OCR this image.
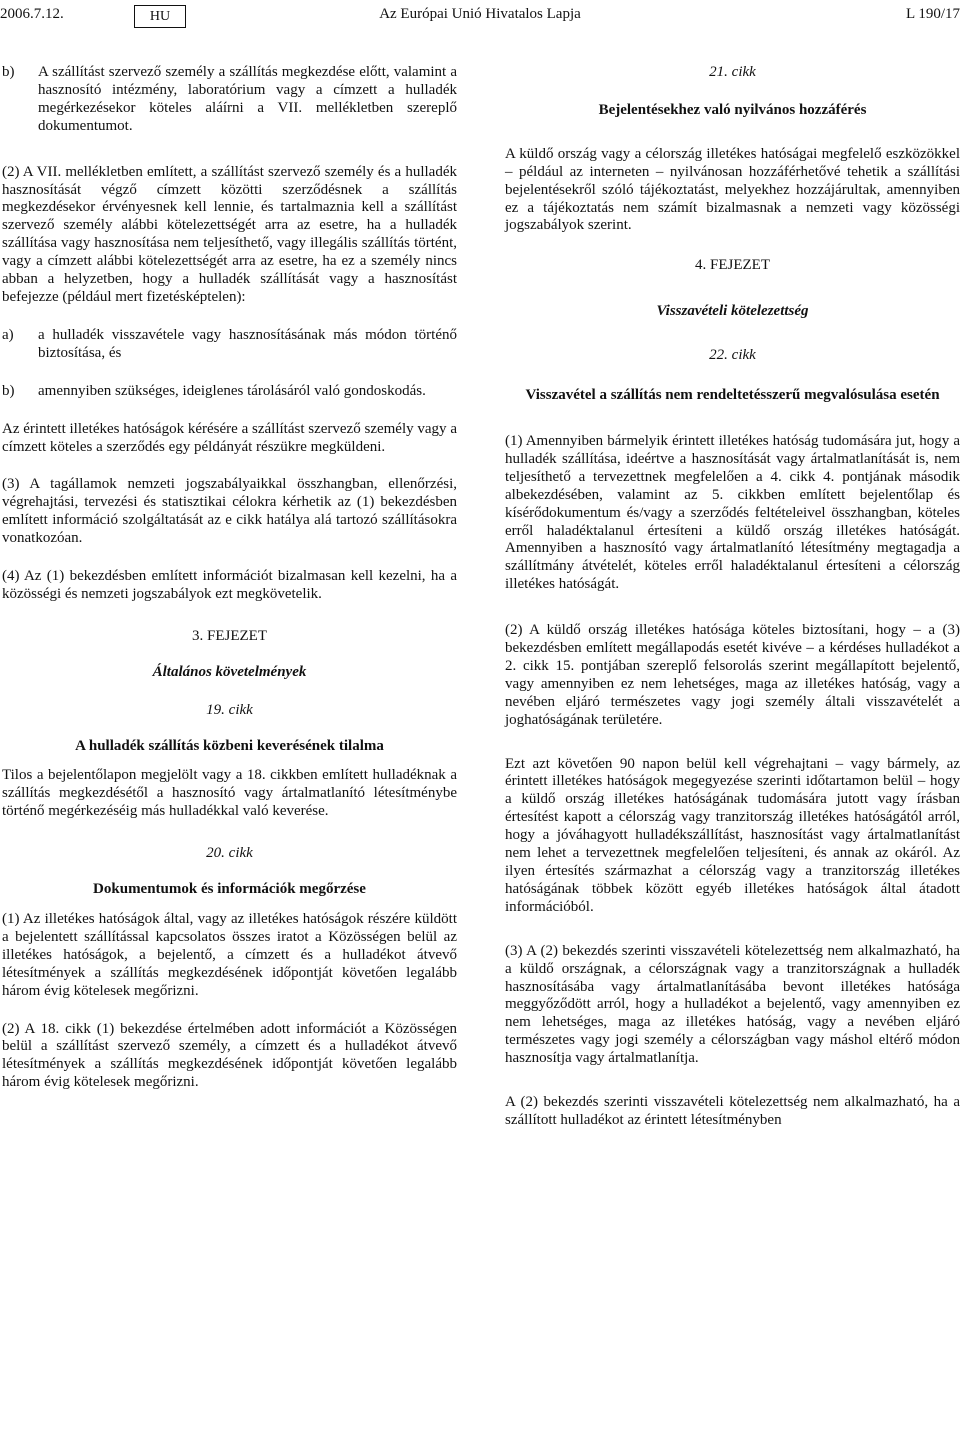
2006.7.12.	HU	Az Európai Unió Hivatalos Lapja	L 190/17
b)	A szállítást szervező személy a szállítás megkezdése előtt, valamint a hasznosító intézmény, laboratórium vagy a címzett a hulladék megérkezésekor köteles aláírni a VII. mellékletben szereplő dokumentumot.

(2) A VII. mellékletben említett, a szállítást szervező személy és a hulladék hasznosítását végző címzett közötti szerződésnek a szállítás megkezdésekor érvényesnek kell lennie, és tartalmaznia kell a szállítást szervező személy alábbi kötelezettségét arra az esetre, ha a hulladék szállítása vagy hasznosítása nem teljesíthető, vagy illegális szállítás történt, vagy a címzett alábbi kötelezettségét arra az esetre, ha ez a személy nincs abban a helyzetben, hogy a hulladék szállítását vagy a hasznosítást befejezze (például mert fizetésképtelen):

a)	a hulladék visszavétele vagy hasznosításának más módon történő biztosítása, és
b)	amennyiben szükséges, ideiglenes tárolásáról való gondoskodás.

Az érintett illetékes hatóságok kérésére a szállítást szervező személy vagy a címzett köteles a szerződés egy példányát részükre megküldeni.

(3) A tagállamok nemzeti jogszabályaikkal összhangban, ellenőrzési, végrehajtási, tervezési és statisztikai célokra kérhetik az (1) bekezdésben említett információ szolgáltatását az e cikk hatálya alá tartozó szállításokra vonatkozóan.

(4) Az (1) bekezdésben említett információt bizalmasan kell kezelni, ha a közösségi és nemzeti jogszabályok ezt megkövetelik.

3. FEJEZET
Általános követelmények
19. cikk
A hulladék szállítás közbeni keverésének tilalma

Tilos a bejelentőlapon megjelölt vagy a 18. cikkben említett hulladéknak a szállítás megkezdésétől a hasznosító vagy ártalmatlanító létesítménybe történő megérkezéséig más hulladékkal való keverése.

20. cikk
Dokumentumok és információk megőrzése

(1) Az illetékes hatóságok által, vagy az illetékes hatóságok részére küldött a bejelentett szállítással kapcsolatos összes iratot a Közösségen belül az illetékes hatóságok, a bejelentő, a címzett és a hulladékot átvevő létesítmények a szállítás megkezdésének időpontját követően legalább három évig kötelesek megőrizni.

(2) A 18. cikk (1) bekezdése értelmében adott információt a Közösségen belül a szállítást szervező személy, a címzett és a hulladékot átvevő létesítmények a szállítás megkezdésének időpontját követően legalább három évig kötelesek megőrizni.

21. cikk
Bejelentésekhez való nyilvános hozzáférés

A küldő ország vagy a célország illetékes hatóságai megfelelő eszközökkel – például az interneten – nyilvánosan hozzáférhetővé tehetik a szállítási bejelentésekről szóló tájékoztatást, melyekhez hozzájárultak, amennyiben ez a tájékoztatás nem számít bizalmasnak a nemzeti vagy közösségi jogszabályok szerint.

4. FEJEZET
Visszavételi kötelezettség
22. cikk
Visszavétel a szállítás nem rendeltetésszerű megvalósulása esetén

(1) Amennyiben bármelyik érintett illetékes hatóság tudomására jut, hogy a hulladék szállítása, ideértve a hasznosítását vagy ártalmatlanítását is, nem teljesíthető a tervezettnek megfelelően a 4. cikk 4. pontjának második albekezdésében, valamint az 5. cikkben említett bejelentőlap és kísérődokumentum és/vagy a szerződés feltételeivel összhangban, köteles erről haladéktalanul értesíteni a küldő ország illetékes hatóságát. Amennyiben a hasznosító vagy ártalmatlanító létesítmény megtagadja a szállítmány átvételét, köteles erről haladéktalanul értesíteni a célország illetékes hatóságát.

(2) A küldő ország illetékes hatósága köteles biztosítani, hogy – a (3) bekezdésben említett megállapodás esetét kivéve – a kérdéses hulladékot a 2. cikk 15. pontjában szereplő felsorolás szerint megállapított bejelentő, vagy amennyiben ez nem lehetséges, maga az illetékes hatóság, vagy a nevében eljáró természetes vagy jogi személy általi visszavételét a joghatóságának területére.

Ezt azt követően 90 napon belül kell végrehajtani – vagy bármely, az érintett illetékes hatóságok megegyezése szerinti időtartamon belül – hogy a küldő ország illetékes hatóságának tudomására jutott vagy írásban értesítést kapott a célország vagy tranzitország illetékes hatóságától arról, hogy a jóváhagyott hulladékszállítást, hasznosítást vagy ártalmatlanítást nem lehet a tervezettnek megfelelően teljesíteni, és annak az okáról. Az ilyen értesítés származhat a célország vagy a tranzitország illetékes hatóságának többek között egyéb illetékes hatóságok által átadott információból.

(3) A (2) bekezdés szerinti visszavételi kötelezettség nem alkalmazható, ha a küldő országnak, a célországnak vagy a tranzitországnak a hulladék hasznosításába vagy ártalmatlanításába bevont illetékes hatósága meggyőződött arról, hogy a hulladékot a bejelentő, vagy amennyiben ez nem lehetséges, maga az illetékes hatóság, vagy a nevében eljáró természetes vagy jogi személy a célországban vagy máshol eltérő módon hasznosítja vagy ártalmatlanítja.

A (2) bekezdés szerinti visszavételi kötelezettség nem alkalmazható, ha a szállított hulladékot az érintett létesítményben
